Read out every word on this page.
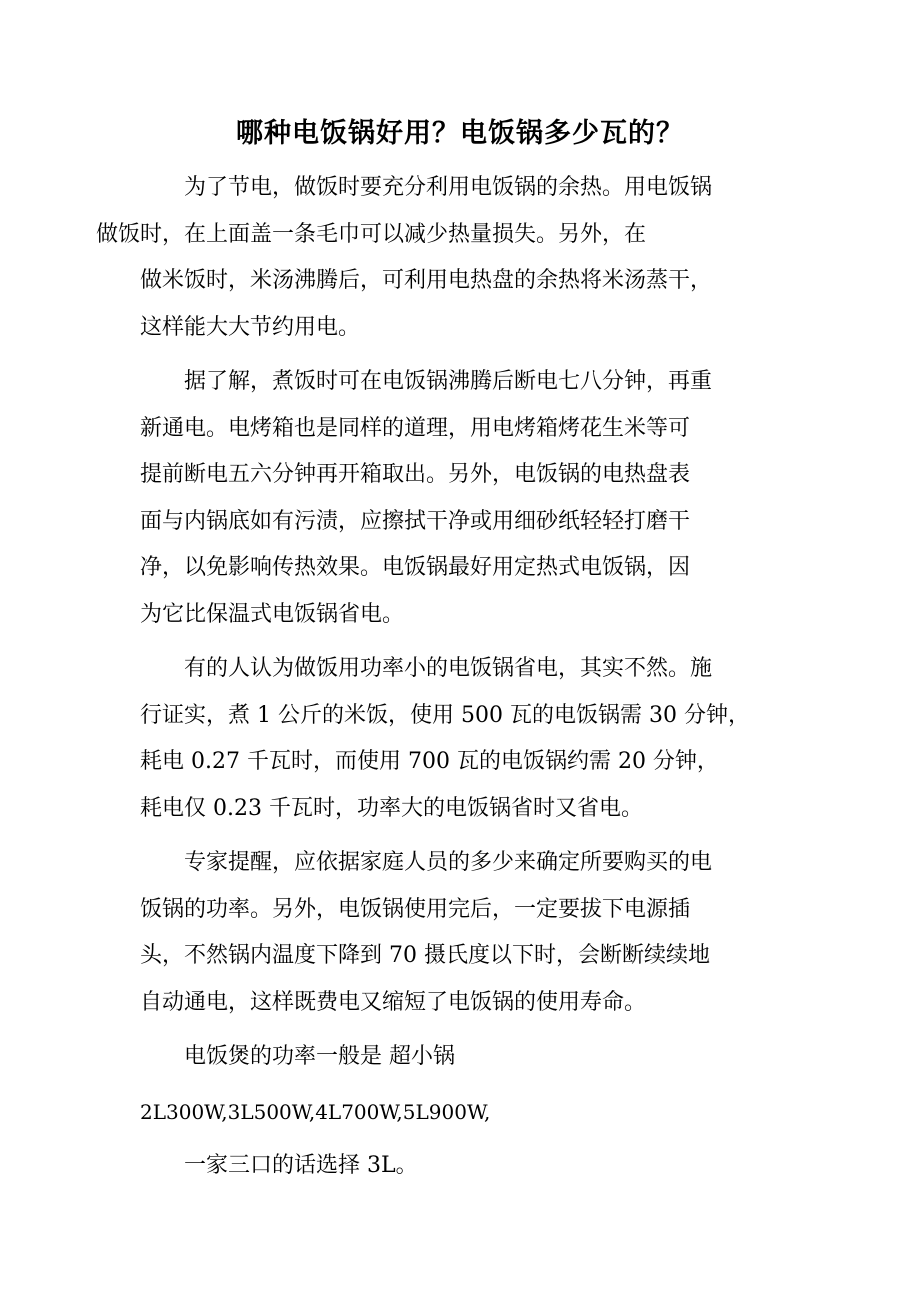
哪种电饭锅好用？电饭锅多少瓦的？
为了节电，做饭时要充分利用电饭锅的余热。用电饭锅
做饭时，在上面盖一条毛巾可以减少热量损失。另外，在
做米饭时，米汤沸腾后，可利用电热盘的余热将米汤蒸干，
这样能大大节约用电。
据了解，煮饭时可在电饭锅沸腾后断电七八分钟，再重
新通电。电烤箱也是同样的道理，用电烤箱烤花生米等可
提前断电五六分钟再开箱取出。另外，电饭锅的电热盘表
面与内锅底如有污渍，应擦拭干净或用细砂纸轻轻打磨干
净，以免影响传热效果。电饭锅最好用定热式电饭锅，因
为它比保温式电饭锅省电。
有的人认为做饭用功率小的电饭锅省电，其实不然。施
行证实，煮 1 公斤的米饭，使用 500 瓦的电饭锅需 30 分钟，
耗电 0.27 千瓦时，而使用 700 瓦的电饭锅约需 20 分钟，
耗电仅 0.23 千瓦时，功率大的电饭锅省时又省电。
专家提醒，应依据家庭人员的多少来确定所要购买的电
饭锅的功率。另外，电饭锅使用完后，一定要拔下电源插
头，不然锅内温度下降到 70 摄氏度以下时，会断断续续地
自动通电，这样既费电又缩短了电饭锅的使用寿命。
电饭煲的功率一般是 超小锅
2L300W,3L500W,4L700W,5L900W,
一家三口的话选择 3L。
